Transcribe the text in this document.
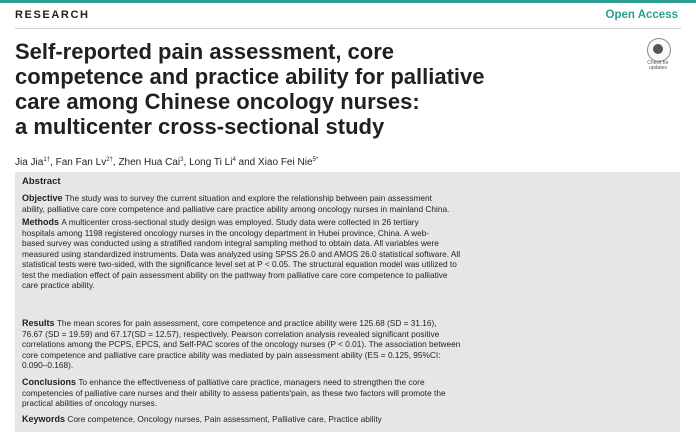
RESEARCH	Open Access
Self-reported pain assessment, core
competence and practice ability for palliative
care among Chinese oncology nurses:
a multicenter cross-sectional study
Check for
updates
Jia Jia$^{1\dagger}$, Fan Fan $Lv^{2\dagger}$, Zhen Hua Cai$^3$, Long Ti Li$^4$ and Xiao Fei Nie$^{5*}$
Abstract
Objective The study was to survey the current situation and explore the relationship between pain assessment
ability, palliative care core competence and palliative care practice ability among oncology nurses in mainland China.
Methods A multicenter cross-sectional study design was employed. Study data were collected in 26 tertiary
hospitals among 1198 registered oncology nurses in the oncology department in Hubei province, China. A web-
based survey was conducted using a stratified random integral sampling method to obtain data. All variables were
measured using standardized instruments. Data was analyzed using SPSS 26.0 and AMOS 26.0 statistical software. All
statistical tests were two-sided, with the significance level set at P < 0.05. The structural equation model was utilized to
test the mediation effect of pain assessment ability on the pathway from palliative care core competence to palliative
care practice ability.
Results The mean scores for pain assessment, core competence and practice ability were 125.68 (SD = 31.16),
76.67 (SD = 19.59) and 67.17(SD = 12.57), respectively. Pearson correlation analysis revealed significant positive
correlations among the PCPS, EPCS, and Self-PAC scores of the oncology nurses (P < 0.01). The association between
core competence and palliative care practice ability was mediated by pain assessment ability (ES = 0.125, 95%CI:
0.090–0.168).
Conclusions To enhance the effectiveness of palliative care practice, managers need to strengthen the core
competencies of palliative care nurses and their ability to assess patients'pain, as these two factors will promote the
practical abilities of oncology nurses.
Keywords Core competence, Oncology nurses, Pain assessment, Palliative care, Practice ability
